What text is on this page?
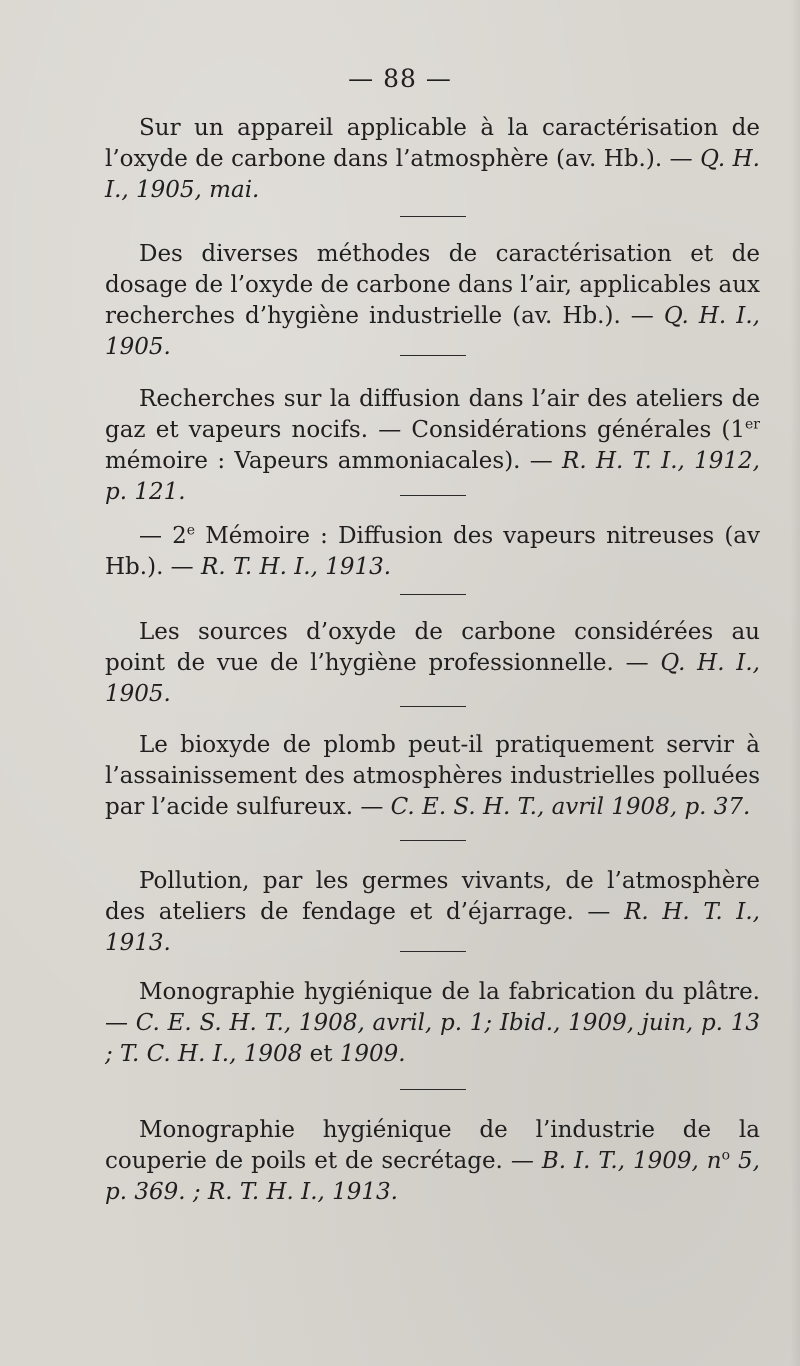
— 88 —

Sur un appareil applicable à la caractérisation de l’oxyde de carbone dans l’atmosphère (av. Hb.). — Q. H. I., 1905, mai.

Des diverses méthodes de caractérisation et de dosage de l’oxyde de carbone dans l’air, applicables aux recherches d’hygiène industrielle (av. Hb.). — Q. H. I., 1905.

Recherches sur la diffusion dans l’air des ateliers de gaz et vapeurs nocifs. — Considérations générales (1er mémoire : Vapeurs ammoniacales). — R. H. T. I., 1912, p. 121.

— 2e Mémoire : Diffusion des vapeurs nitreuses (av Hb.). — R. T. H. I., 1913.

Les sources d’oxyde de carbone considérées au point de vue de l’hygiène professionnelle. — Q. H. I., 1905.

Le bioxyde de plomb peut-il pratiquement servir à l’assainissement des atmosphères industrielles polluées par l’acide sulfureux. — C. E. S. H. T., avril 1908, p. 37.

Pollution, par les germes vivants, de l’atmosphère des ateliers de fendage et d’éjarrage. — R. H. T. I., 1913.

Monographie hygiénique de la fabrication du plâtre. — C. E. S. H. T., 1908, avril, p. 1; Ibid., 1909, juin, p. 13 ; T. C. H. I., 1908 et 1909.

Monographie hygiénique de l’industrie de la couperie de poils et de secrétage. — B. I. T., 1909, $n^o$ 5, p. 369. ; R. T. H. I., 1913.
